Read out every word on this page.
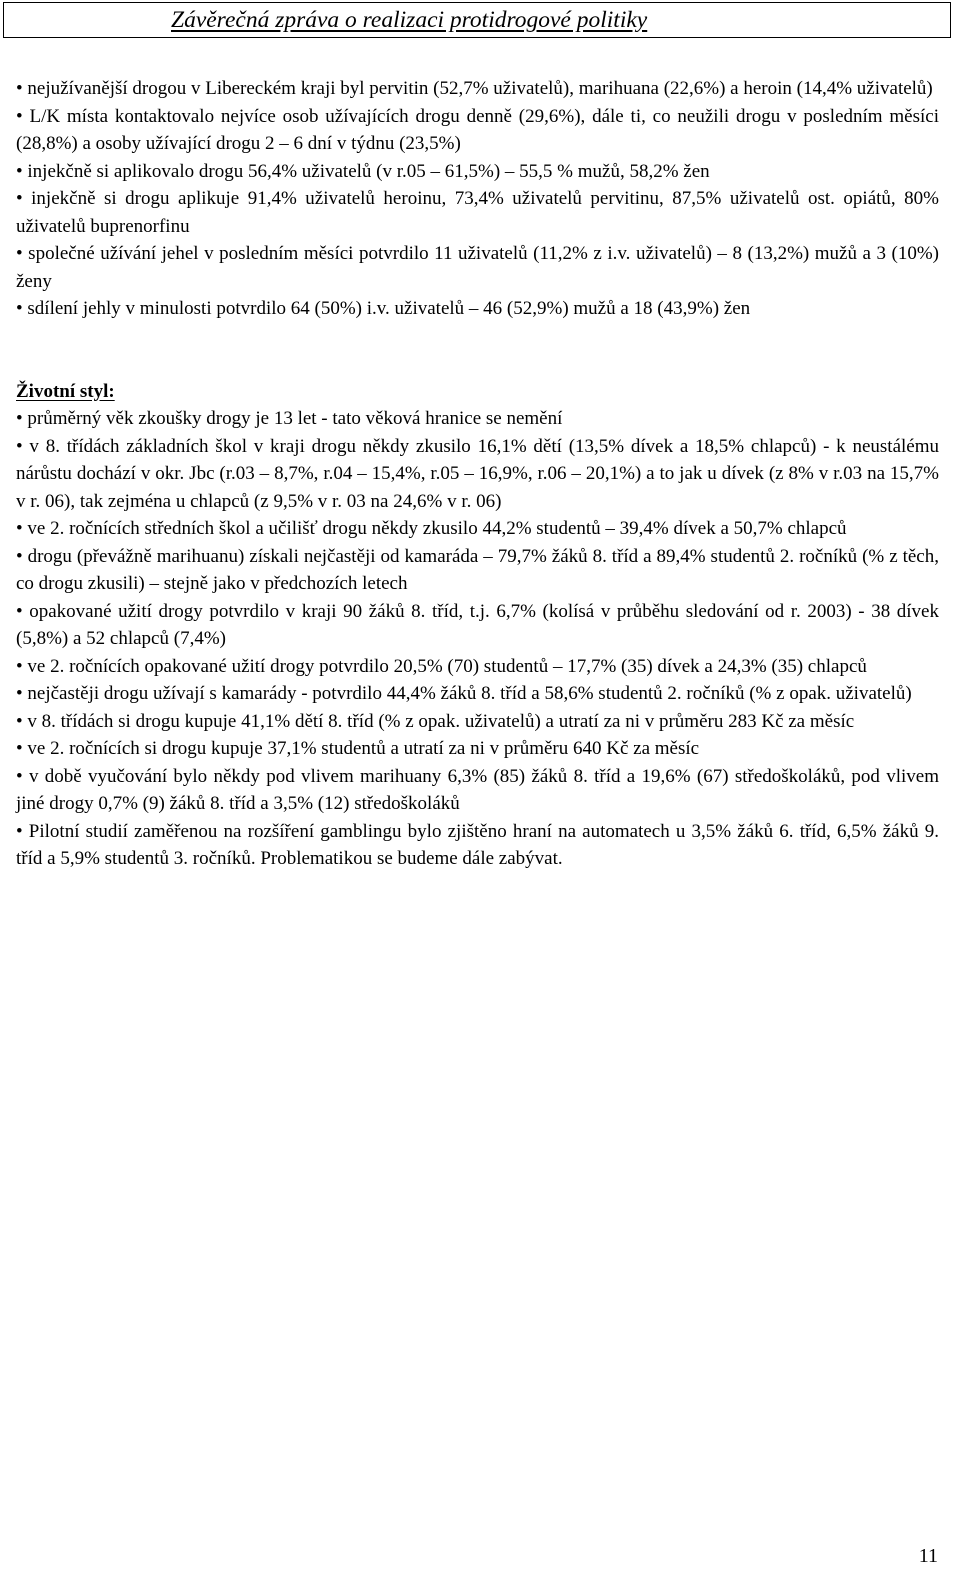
Závěrečná zpráva o realizaci protidrogové politiky

• nejužívanější drogou v Libereckém kraji byl pervitin (52,7% uživatelů), marihuana (22,6%) a heroin (14,4% uživatelů)

• L/K místa kontaktovalo nejvíce osob užívajících drogu denně (29,6%), dále ti, co neužili drogu v posledním měsíci (28,8%) a osoby užívající drogu 2 – 6 dní v týdnu (23,5%)

• injekčně si aplikovalo drogu 56,4% uživatelů (v r.05 – 61,5%) – 55,5 % mužů, 58,2% žen

• injekčně si drogu aplikuje 91,4% uživatelů heroinu, 73,4% uživatelů pervitinu, 87,5% uživatelů ost. opiátů, 80% uživatelů buprenorfinu

• společné užívání jehel v posledním měsíci potvrdilo 11 uživatelů (11,2% z i.v. uživatelů) – 8 (13,2%) mužů a 3 (10%) ženy

• sdílení jehly v minulosti potvrdilo 64 (50%) i.v. uživatelů – 46 (52,9%) mužů a 18 (43,9%) žen

Životní styl:

• průměrný věk zkoušky drogy je 13 let - tato věková hranice se nemění

• v 8. třídách základních škol v kraji drogu někdy zkusilo 16,1% dětí (13,5% dívek a 18,5% chlapců) - k neustálému nárůstu dochází v okr. Jbc (r.03 – 8,7%, r.04 – 15,4%, r.05 – 16,9%, r.06 – 20,1%) a to jak u dívek (z 8% v r.03 na 15,7% v r. 06), tak zejména u chlapců (z 9,5% v r. 03 na 24,6% v r. 06)

• ve 2. ročnících středních škol a učilišť drogu někdy zkusilo 44,2% studentů – 39,4% dívek a 50,7% chlapců

• drogu (převážně marihuanu) získali nejčastěji od kamaráda – 79,7% žáků 8. tříd a 89,4% studentů 2. ročníků (% z těch, co drogu zkusili) – stejně jako v předchozích letech

• opakované užití drogy potvrdilo v kraji 90 žáků 8. tříd, t.j. 6,7% (kolísá v průběhu sledování od r. 2003) - 38 dívek (5,8%) a 52 chlapců (7,4%)

• ve 2. ročnících opakované užití drogy potvrdilo 20,5% (70) studentů – 17,7% (35) dívek a 24,3% (35) chlapců

• nejčastěji drogu užívají s kamarády - potvrdilo 44,4% žáků 8. tříd a 58,6% studentů 2. ročníků (% z opak. uživatelů)

• v 8. třídách si drogu kupuje 41,1% dětí 8. tříd (% z opak. uživatelů) a utratí za ni v průměru 283 Kč za měsíc

• ve 2. ročnících si drogu kupuje 37,1% studentů a utratí za ni v průměru 640 Kč za měsíc

• v době vyučování bylo někdy pod vlivem marihuany 6,3% (85) žáků 8. tříd a 19,6% (67) středoškoláků, pod vlivem jiné drogy 0,7% (9) žáků 8. tříd a 3,5% (12) středoškoláků

• Pilotní studií zaměřenou na rozšíření gamblingu bylo zjištěno hraní na automatech u 3,5% žáků 6. tříd, 6,5% žáků 9. tříd a 5,9% studentů 3. ročníků. Problematikou se budeme dále zabývat.

11
